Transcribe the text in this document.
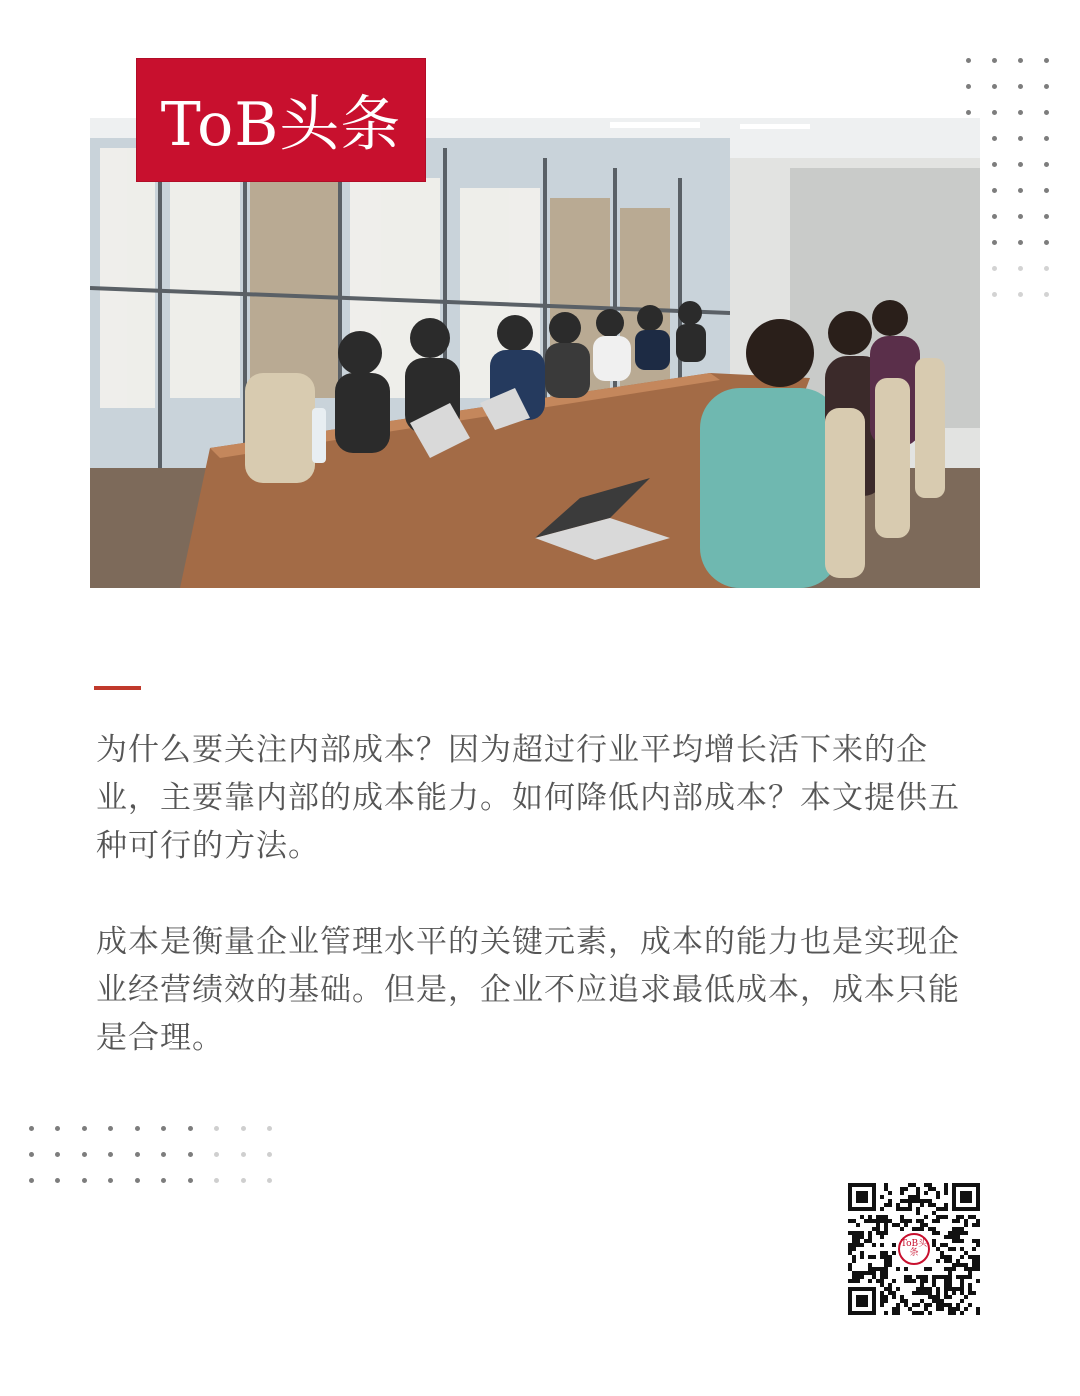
ToB头条

为什么要关注内部成本？因为超过行业平均增长活下来的企业，主要靠内部的成本能力。如何降低内部成本？本文提供五种可行的方法。

成本是衡量企业管理水平的关键元素，成本的能力也是实现企业经营绩效的基础。但是，企业不应追求最低成本，成本只能是合理。

ToB头条
